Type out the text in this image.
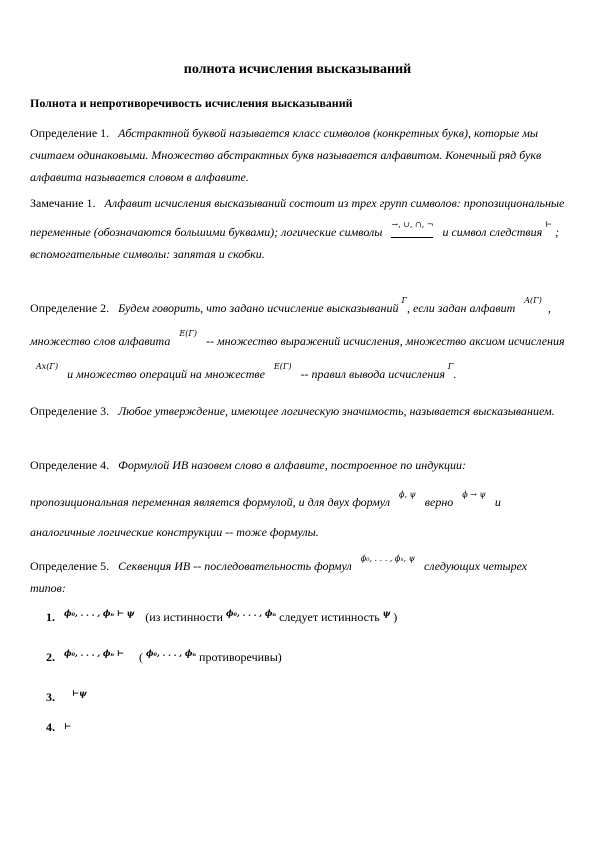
полнота исчисления высказываний
Полнота и непротиворечивость исчисления высказываний
Определение 1. Абстрактной буквой называется класс символов (конкретных букв), которые мы считаем одинаковыми. Множество абстрактных букв называется алфавитом. Конечный ряд букв алфавита называется словом в алфавите.
Замечание 1. Алфавит исчисления высказываний состоит из трех групп символов: пропозициональные переменные (обозначаются большими буквами); логические символы →, ∪, ∩, ¬ и символ следствия ⊢ ; вспомогательные символы: запятая и скобки.
Определение 2. Будем говорить, что задано исчисление высказываний Γ, если задан алфавит A(Γ), множество слов алфавита E(Γ) -- множество выражений исчисления, множество аксиом исчисления Ax(Γ) и множество операций на множестве E(Γ) -- правил вывода исчисления Γ.
Определение 3. Любое утверждение, имеющее логическую значимость, называется высказыванием.
Определение 4. Формулой ИВ назовем слово в алфавите, построенное по индукции: пропозициональная переменная является формулой, и для двух формул ϕ, ψ верно ϕ → ψ и аналогичные логические конструкции -- тоже формулы.
Определение 5. Секвенция ИВ -- последовательность формул ϕ₀, . . . , ϕₙ, ψ следующих четырех типов:
1. ϕ₀, . . . , ϕₙ ⊢ ψ (из истинности ϕ₀, . . . , ϕₙ следует истинность ψ )
2. ϕ₀, . . . , ϕₙ ⊢ ( ϕ₀, . . . , ϕₙ противоречивы)
3. ⊢ψ
4. ⊢
